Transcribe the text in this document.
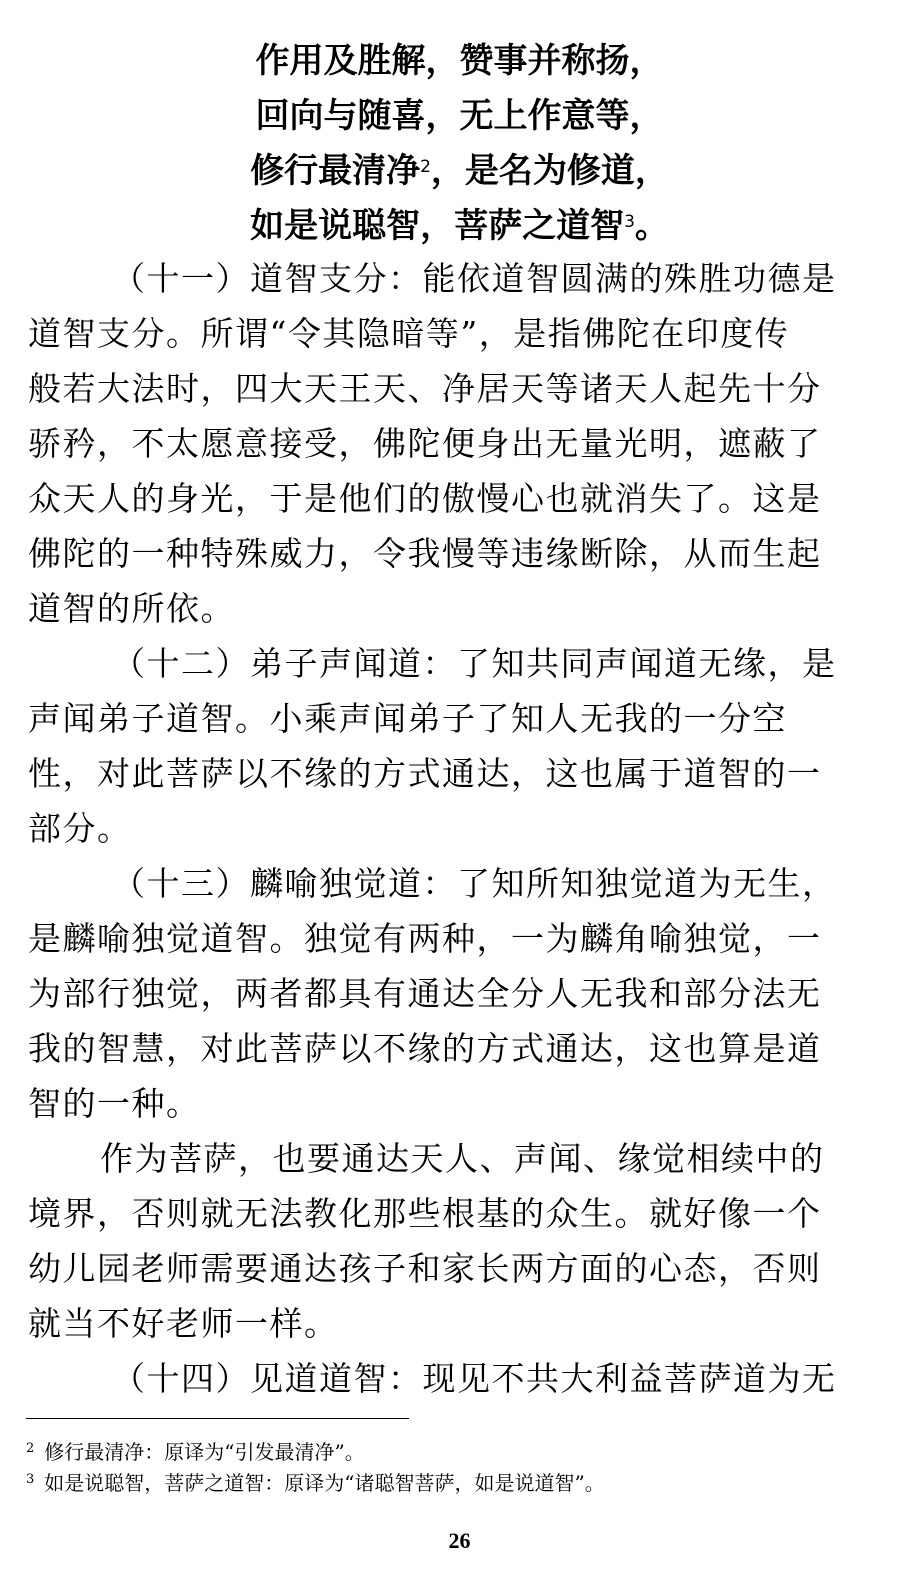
作用及胜解，赞事并称扬，
回向与随喜，无上作意等，
修行最清净$^2$，是名为修道，
如是说聪智，菩萨之道智$^3$。
（十一）道智支分：能依道智圆满的殊胜功德是
道智支分。所谓“令其隐暗等”，是指佛陀在印度传
般若大法时，四大天王天、净居天等诸天人起先十分
骄矜，不太愿意接受，佛陀便身出无量光明，遮蔽了
众天人的身光，于是他们的傲慢心也就消失了。这是
佛陀的一种特殊威力，令我慢等违缘断除，从而生起
道智的所依。
（十二）弟子声闻道：了知共同声闻道无缘，是
声闻弟子道智。小乘声闻弟子了知人无我的一分空
性，对此菩萨以不缘的方式通达，这也属于道智的一
部分。
（十三）麟喻独觉道：了知所知独觉道为无生，
是麟喻独觉道智。独觉有两种，一为麟角喻独觉，一
为部行独觉，两者都具有通达全分人无我和部分法无
我的智慧，对此菩萨以不缘的方式通达，这也算是道
智的一种。
作为菩萨，也要通达天人、声闻、缘觉相续中的
境界，否则就无法教化那些根基的众生。就好像一个
幼儿园老师需要通达孩子和家长两方面的心态，否则
就当不好老师一样。
（十四）见道道智：现见不共大利益菩萨道为无
$^2$ 修行最清净：原译为“引发最清净”。
$^3$ 如是说聪智，菩萨之道智：原译为“诸聪智菩萨，如是说道智”。
26
